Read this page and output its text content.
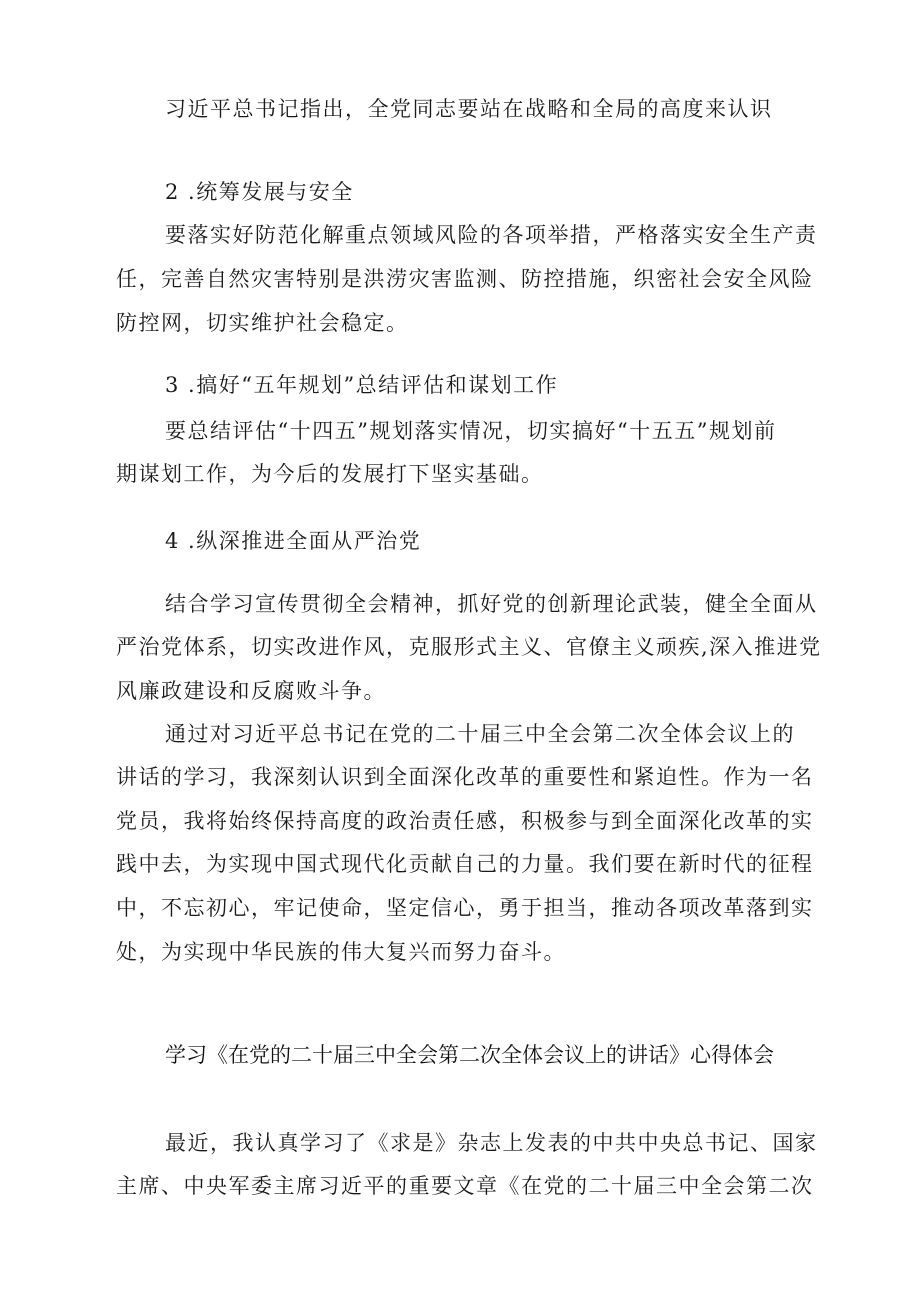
习近平总书记指出，全党同志要站在战略和全局的高度来认识
2 .统筹发展与安全
要落实好防范化解重点领域风险的各项举措，严格落实安全生产责
任，完善自然灾害特别是洪涝灾害监测、防控措施，织密社会安全风险
防控网，切实维护社会稳定。
3 .搞好“五年规划”总结评估和谋划工作
要总结评估“十四五”规划落实情况，切实搞好“十五五”规划前
期谋划工作，为今后的发展打下坚实基础。
4 .纵深推进全面从严治党
结合学习宣传贯彻全会精神，抓好党的创新理论武装，健全全面从
严治党体系，切实改进作风，克服形式主义、官僚主义顽疾,深入推进党
风廉政建设和反腐败斗争。
通过对习近平总书记在党的二十届三中全会第二次全体会议上的
讲话的学习，我深刻认识到全面深化改革的重要性和紧迫性。作为一名
党员，我将始终保持高度的政治责任感，积极参与到全面深化改革的实
践中去，为实现中国式现代化贡献自己的力量。我们要在新时代的征程
中，不忘初心，牢记使命，坚定信心，勇于担当，推动各项改革落到实
处，为实现中华民族的伟大复兴而努力奋斗。
学习《在党的二十届三中全会第二次全体会议上的讲话》心得体会
最近，我认真学习了《求是》杂志上发表的中共中央总书记、国家
主席、中央军委主席习近平的重要文章《在党的二十届三中全会第二次
